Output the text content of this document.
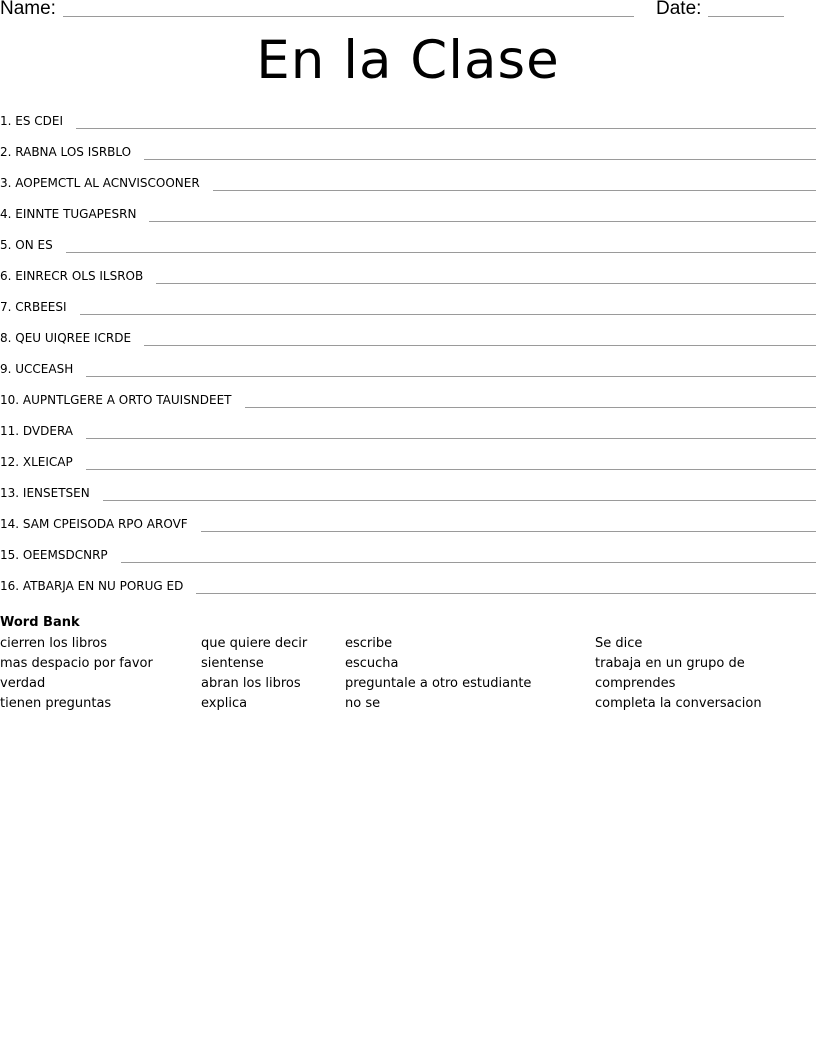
Name:	Date:
En la Clase
1. ES CDEI
2. RABNA LOS ISRBLO
3. AOPEMCTL AL ACNVISCOONER
4. EINNTE TUGAPESRN
5. ON ES
6. EINRECR OLS ILSROB
7. CRBEESI
8. QEU UIQREE ICRDE
9. UCCEASH
10. AUPNTLGERE A ORTO TAUISNDEET
11. DVDERA
12. XLEICAP
13. IENSETSEN
14. SAM CPEISODA RPO AROVF
15. OEEMSDCNRP
16. ATBARJA EN NU PORUG ED
Word Bank
cierren los libros
mas despacio por favor
verdad
tienen preguntas
que quiere decir
sientense
abran los libros
explica
escribe
escucha
preguntale a otro estudiante
no se
Se dice
trabaja en un grupo de
comprendes
completa la conversacion
